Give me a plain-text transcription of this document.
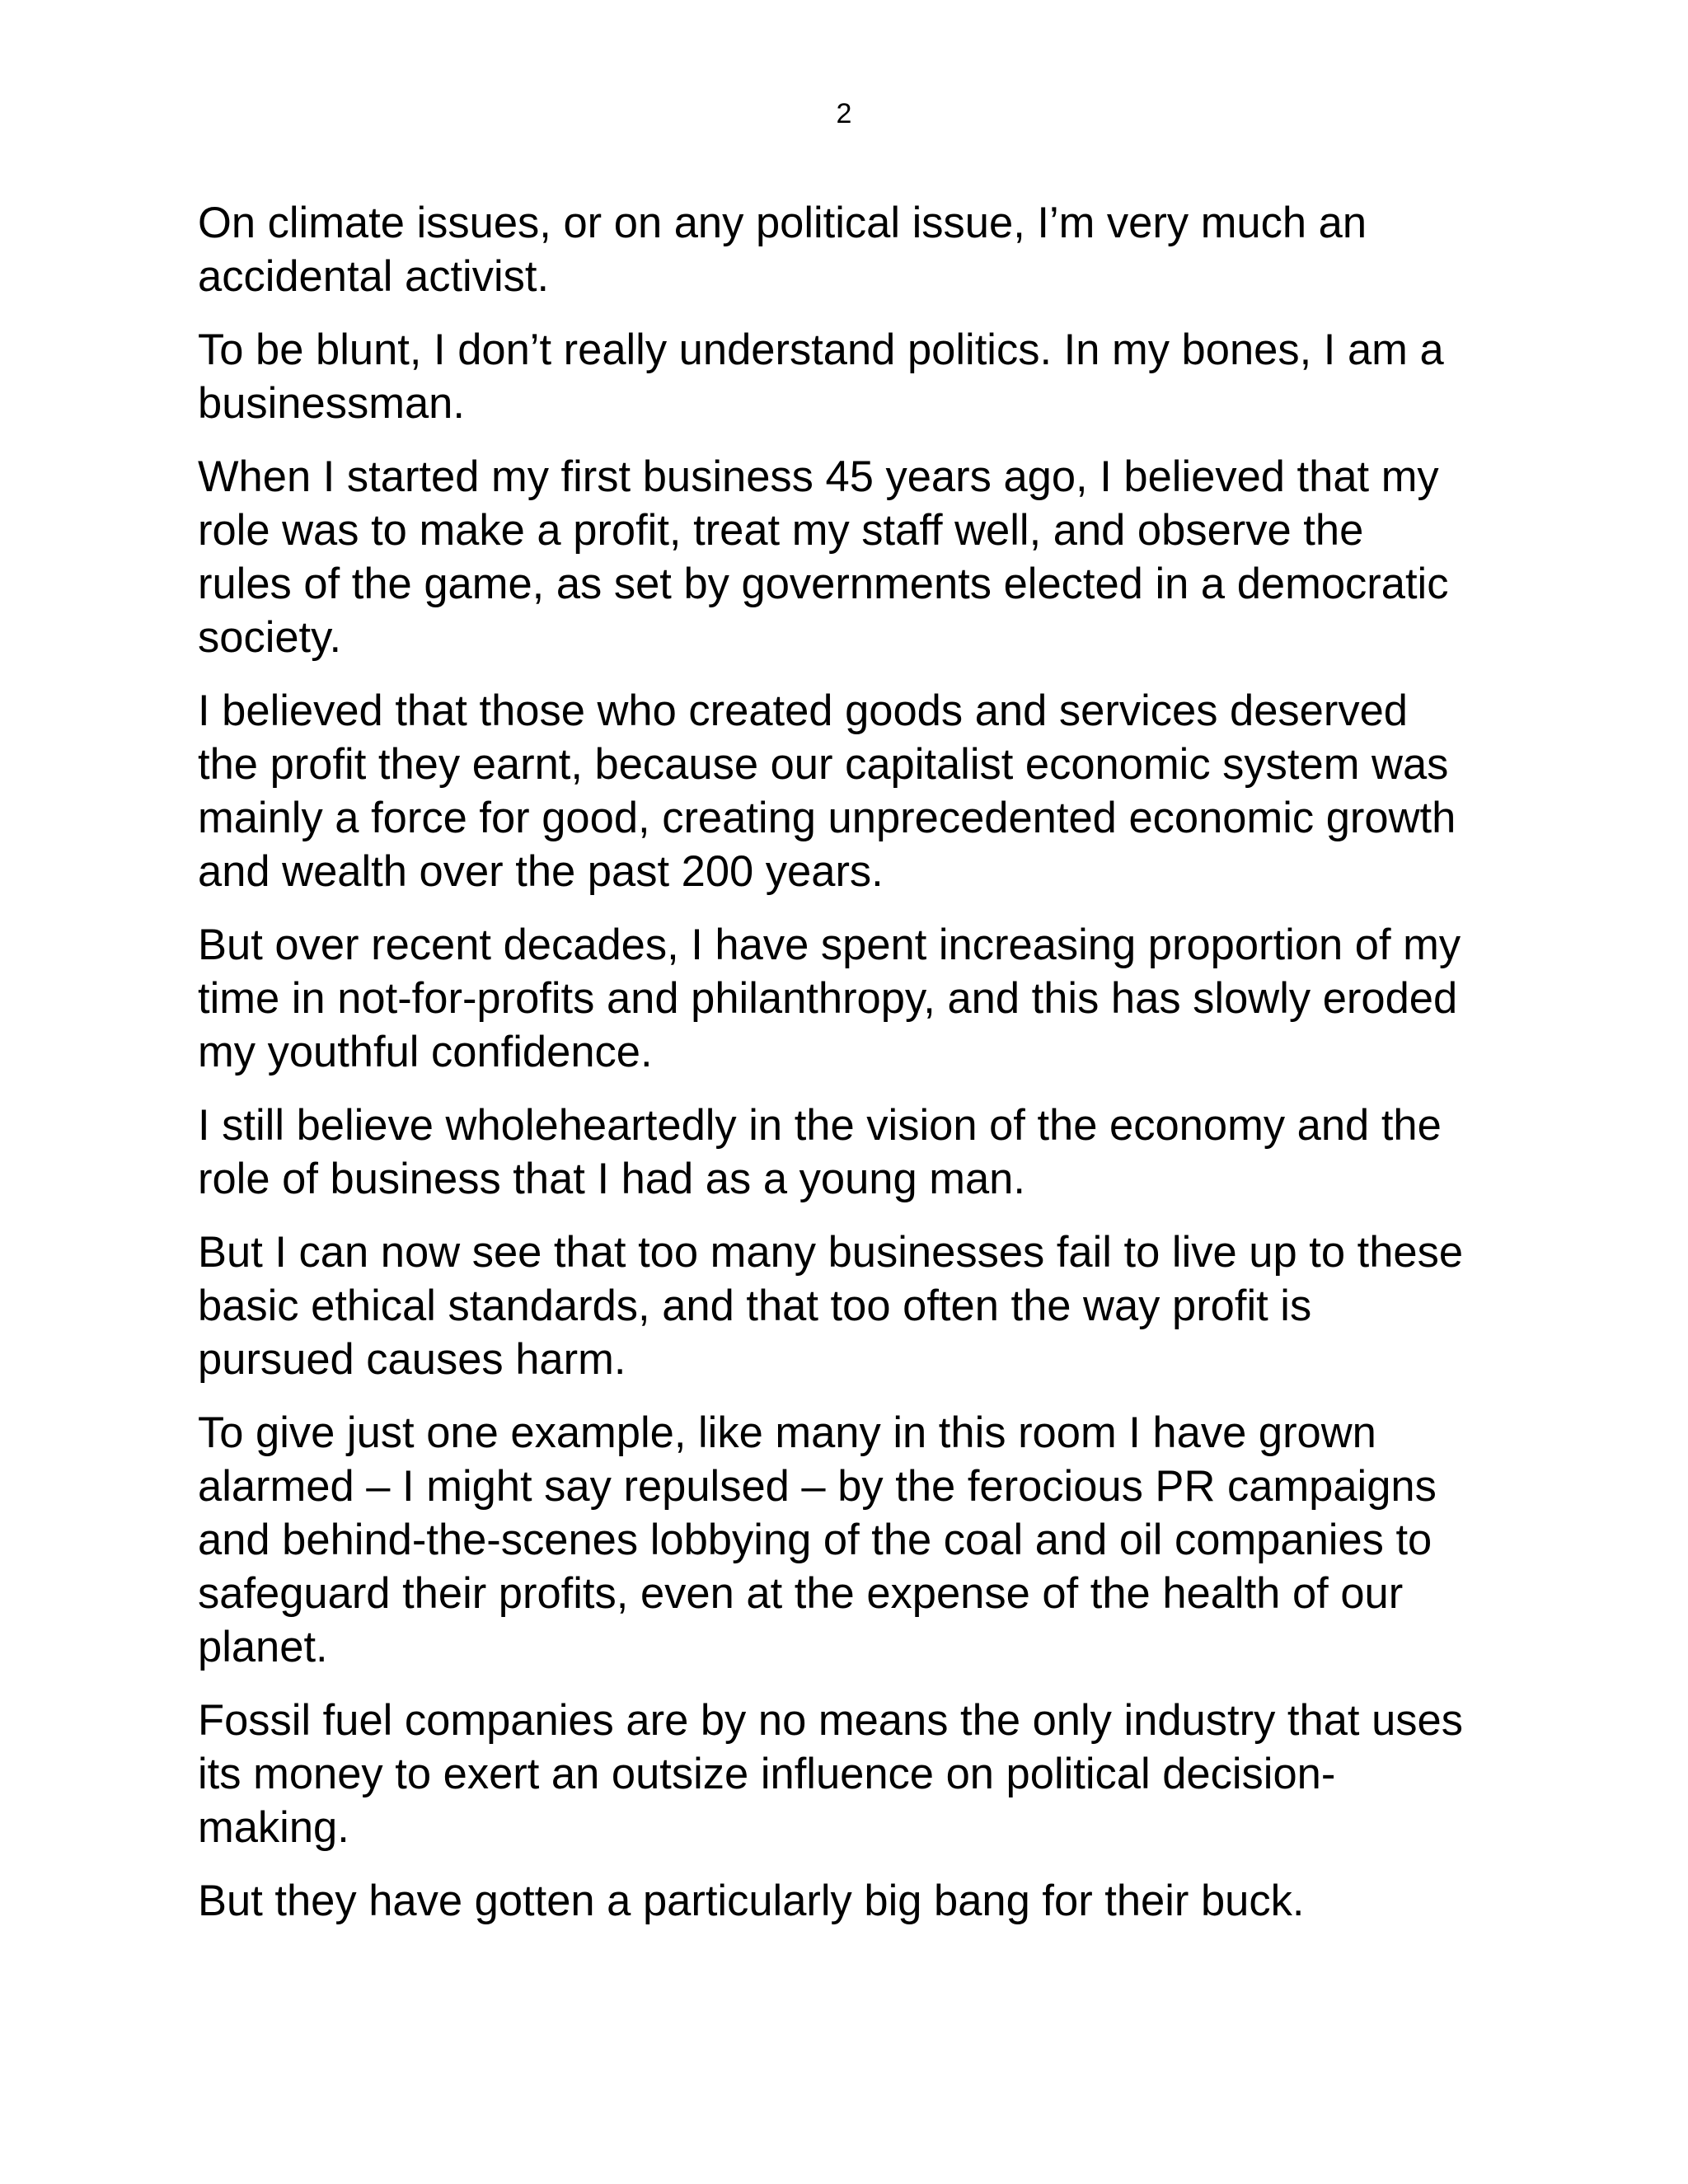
2

On climate issues, or on any political issue, I’m very much an
accidental activist.

To be blunt, I don’t really understand politics. In my bones, I am a
businessman.

When I started my first business 45 years ago, I believed that my
role was to make a profit, treat my staff well, and observe the
rules of the game, as set by governments elected in a democratic
society.

I believed that those who created goods and services deserved
the profit they earnt, because our capitalist economic system was
mainly a force for good, creating unprecedented economic growth
and wealth over the past 200 years.

But over recent decades, I have spent increasing proportion of my
time in not-for-profits and philanthropy, and this has slowly eroded
my youthful confidence.

I still believe wholeheartedly in the vision of the economy and the
role of business that I had as a young man.

But I can now see that too many businesses fail to live up to these
basic ethical standards, and that too often the way profit is
pursued causes harm.

To give just one example, like many in this room I have grown
alarmed – I might say repulsed – by the ferocious PR campaigns
and behind-the-scenes lobbying of the coal and oil companies to
safeguard their profits, even at the expense of the health of our
planet.

Fossil fuel companies are by no means the only industry that uses
its money to exert an outsize influence on political decision-
making.

But they have gotten a particularly big bang for their buck.
